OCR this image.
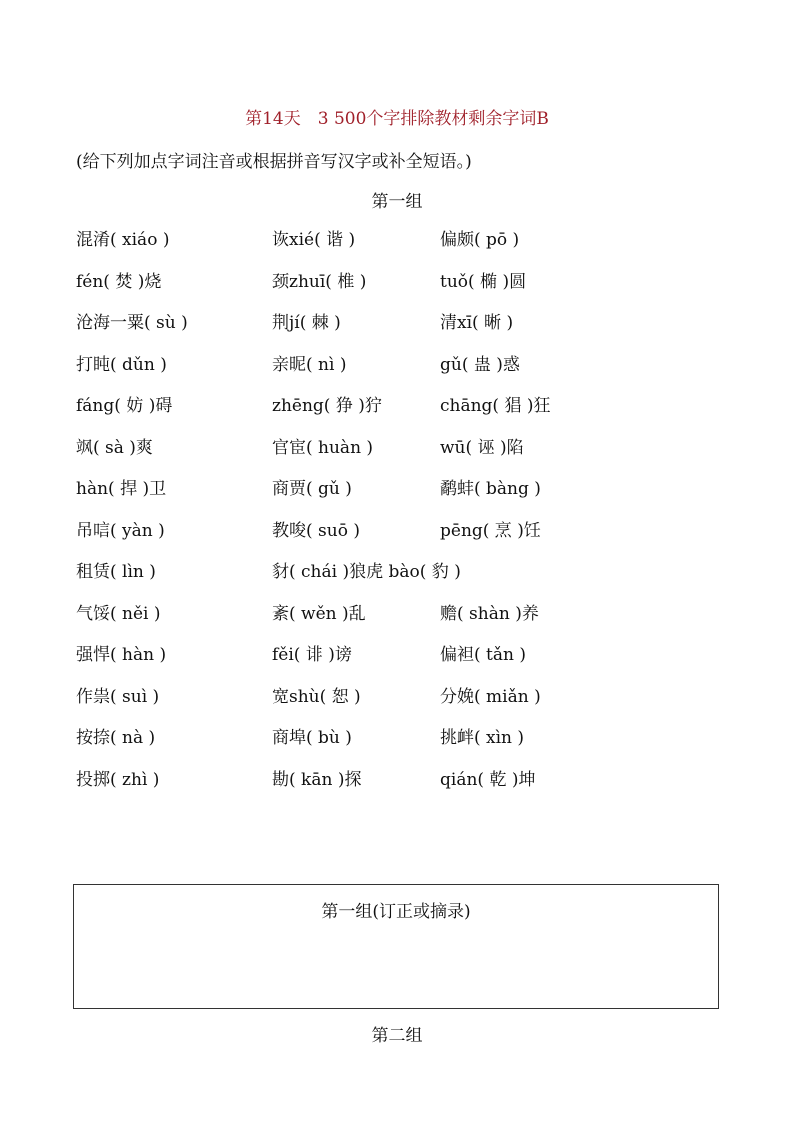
第14天　3 500个字排除教材剩余字词B
(给下列加点字词注音或根据拼音写汉字或补全短语。)
第一组
混淆( xiáo )	诙xié( 谐 )	偏颇( pō )
fén( 焚 )烧	颈zhuī( 椎 )	tuǒ( 椭 )圆
沧海一粟( sù )	荆jí( 棘 )	清xī( 晰 )
打盹( dǔn )	亲昵( nì )	gǔ( 蛊 )惑
fáng( 妨 )碍	zhēng( 狰 )狞	chāng( 猖 )狂
飒( sà )爽	官宦( huàn )	wū( 诬 )陷
hàn( 捍 )卫	商贾( gǔ )	鹬蚌( bàng )
吊唁( yàn )	教唆( suō )	pēng( 烹 )饪
租赁( lìn )	豺( chái )狼虎 bào( 豹 )
气馁( něi )	紊( wěn )乱	赡( shàn )养
强悍( hàn )	fěi( 诽 )谤	偏袒( tǎn )
作祟( suì )	宽shù( 恕 )	分娩( miǎn )
按捺( nà )	商埠( bù )	挑衅( xìn )
投掷( zhì )	勘( kān )探	qián( 乾 )坤
第一组(订正或摘录)
第二组
